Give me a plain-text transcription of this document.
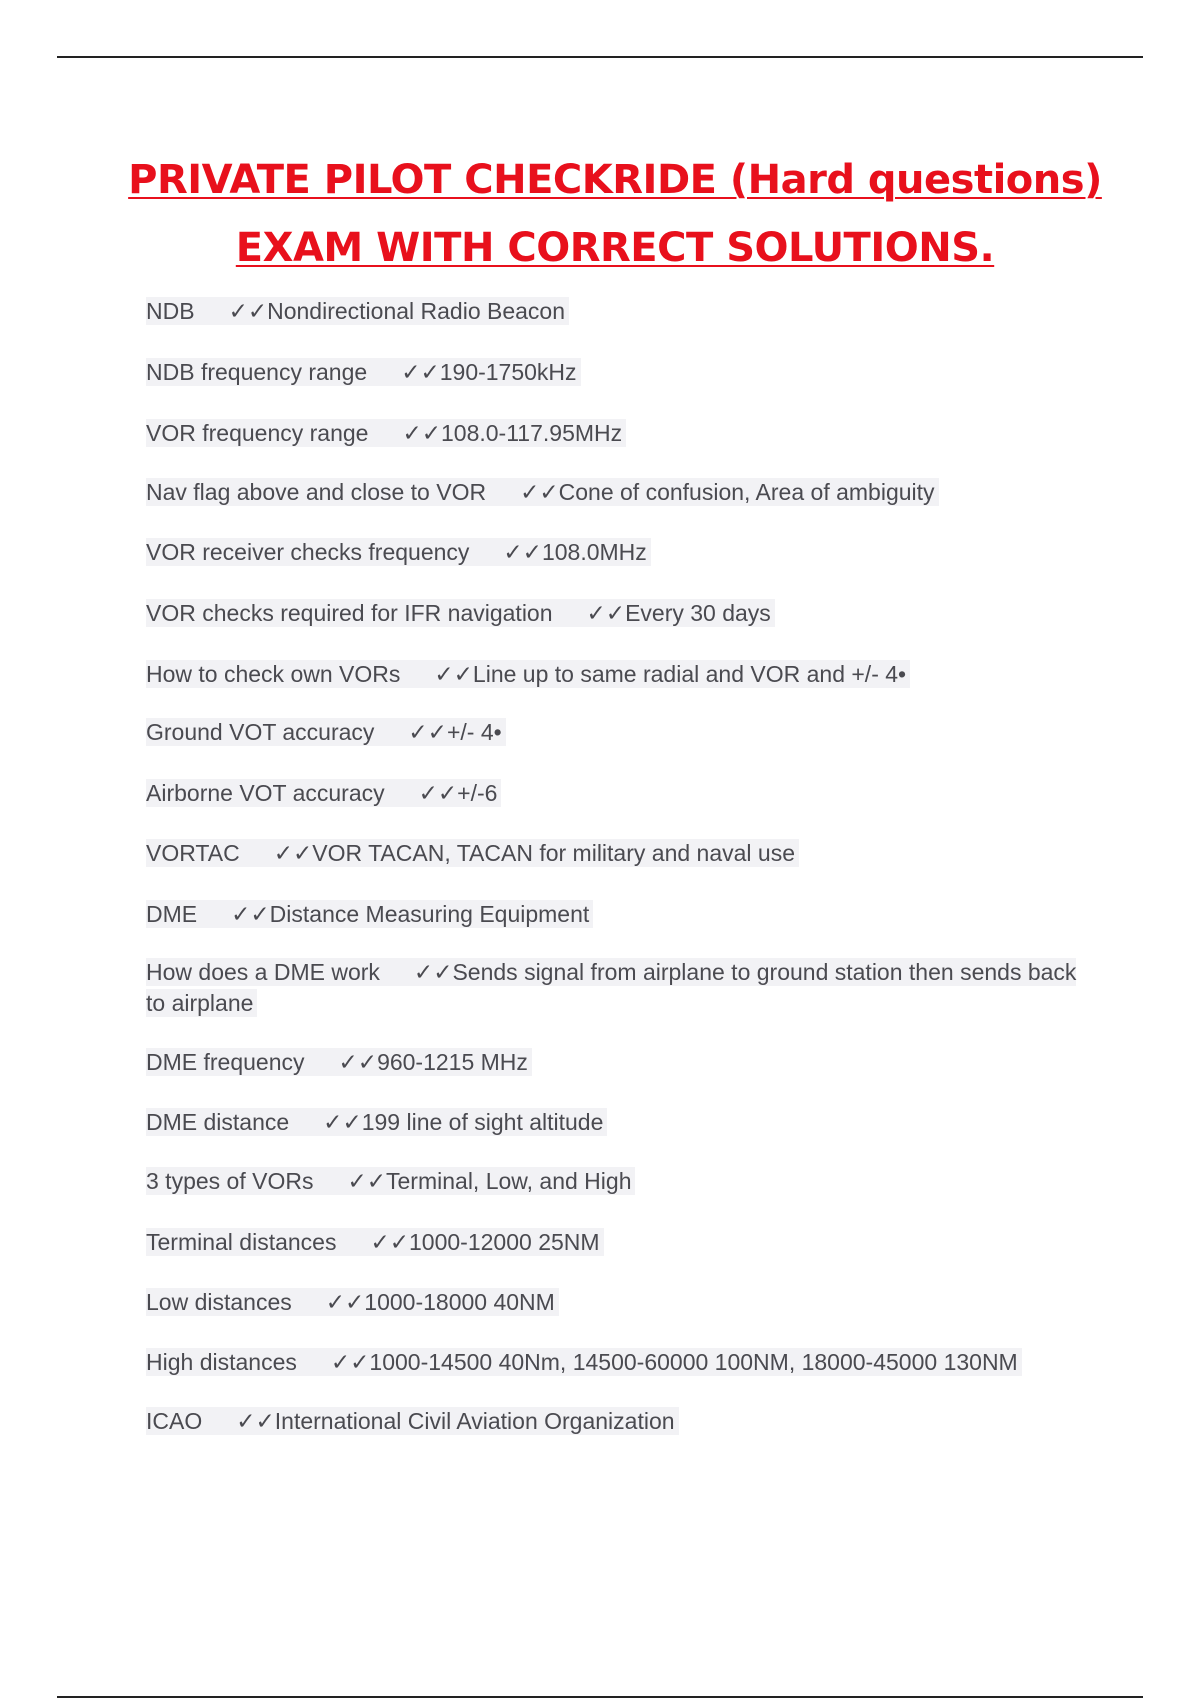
PRIVATE PILOT CHECKRIDE (Hard questions)
EXAM WITH CORRECT SOLUTIONS.

NDB ✓✓Nondirectional Radio Beacon

NDB frequency range ✓✓190-1750kHz

VOR frequency range ✓✓108.0-117.95MHz

Nav flag above and close to VOR ✓✓Cone of confusion, Area of ambiguity

VOR receiver checks frequency ✓✓108.0MHz

VOR checks required for IFR navigation ✓✓Every 30 days

How to check own VORs ✓✓Line up to same radial and VOR and +/- 4•

Ground VOT accuracy ✓✓+/- 4•

Airborne VOT accuracy ✓✓+/-6

VORTAC ✓✓VOR TACAN, TACAN for military and naval use

DME ✓✓Distance Measuring Equipment

How does a DME work ✓✓Sends signal from airplane to ground station then sends back to airplane

DME frequency ✓✓960-1215 MHz

DME distance ✓✓199 line of sight altitude

3 types of VORs ✓✓Terminal, Low, and High

Terminal distances ✓✓1000-12000 25NM

Low distances ✓✓1000-18000 40NM

High distances ✓✓1000-14500 40Nm, 14500-60000 100NM, 18000-45000 130NM

ICAO ✓✓International Civil Aviation Organization
